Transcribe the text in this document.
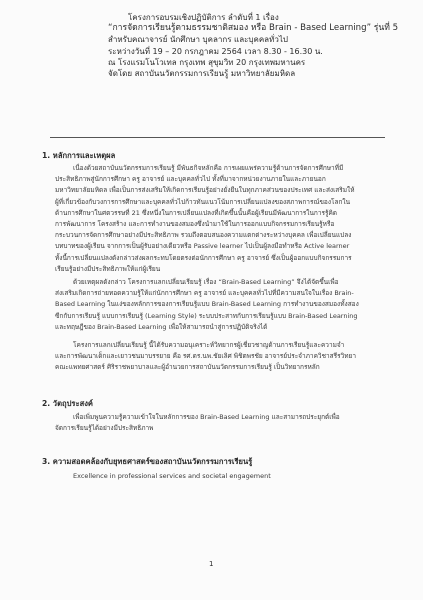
โครงการอบรมเชิงปฏิบัติการ ลำดับที่ 1 เรื่อง
“การจัดการเรียนรู้ตามธรรมชาติสมอง หรือ Brain - Based Learning” รุ่นที่ 5
สำหรับคณาจารย์ นักศึกษา บุคลากร และบุคคลทั่วไป
ระหว่างวันที่ 19 – 20 กรกฎาคม 2564 เวลา 8.30 - 16.30 น.
ณ โรงแรมโนโวเทล กรุงเทพ สุขุมวิท 20 กรุงเทพมหานคร
จัดโดย สถาบันนวัตกรรมการเรียนรู้ มหาวิทยาลัยมหิดล
1. หลักการและเหตุผล
เนื่องด้วยสถาบันนวัตกรรมการเรียนรู้ มีพันธกิจหลักคือ การเผยแพร่ความรู้ด้านการจัดการศึกษาที่มี
ประสิทธิภาพสู่นักการศึกษา ครู อาจารย์ และบุคคลทั่วไป ทั้งที่มาจากหน่วยงานภายในและภายนอก
มหาวิทยาลัยมหิดล เพื่อเป็นการส่งเสริมให้เกิดการเรียนรู้อย่างยั่งยืนในทุกภาคส่วนของประเทศ และส่งเสริมให้
ผู้ที่เกี่ยวข้องกับวงการการศึกษาและบุคคลทั่วไปก้าวทันแนวโน้มการเปลี่ยนแปลงของสภาพการณ์ของโลกใน
ด้านการศึกษาในศตวรรษที่ 21 ซึ่งหนึ่งในการเปลี่ยนแปลงที่เกิดขึ้นนั้นคือผู้เรียนมีพัฒนาการในการรู้คิด
การพัฒนาการ โครงสร้าง และการทำงานของสมองซึ่งนำมาใช้ในการออกแบบกิจกรรมการเรียนรู้หรือ
กระบวนการจัดการศึกษาอย่างมีประสิทธิภาพ รวมถึงตอบสนองความแตกต่างระหว่างบุคคล เพื่อเปลี่ยนแปลง
บทบาทของผู้เรียน จากการเป็นผู้รับอย่างเดียวหรือ Passive learner ไปเป็นผู้ลงมือทำหรือ Active learner
ทั้งนี้การเปลี่ยนแปลงดังกล่าวส่งผลกระทบโดยตรงต่อนักการศึกษา ครู อาจารย์ ซึ่งเป็นผู้ออกแบบกิจกรรมการ
เรียนรู้อย่างมีประสิทธิภาพให้แก่ผู้เรียน
ด้วยเหตุผลดังกล่าว โครงการแลกเปลี่ยนเรียนรู้ เรื่อง “Brain-Based Learning” จึงได้จัดขึ้นเพื่อ
ส่งเสริมเกิดการถ่ายทอดความรู้ให้แก่นักการศึกษา ครู อาจารย์ และบุคคลทั่วไปที่มีความสนใจในเรื่อง Brain-
Based Learning ในแง่ของหลักการของการเรียนรู้แบบ Brain-Based Learning การทำงานของสมองทั้งสอง
ซีกกับการเรียนรู้ แบบการเรียนรู้ (Learning Style) ระบบประสาทกับการเรียนรู้แบบ Brain-Based Learning
และทฤษฎีของ Brain-Based Learning เพื่อให้สามารถนำสู่การปฏิบัติจริงได้
โครงการแลกเปลี่ยนเรียนรู้ นี้ได้รับความอนุเคราะห์วิทยากรผู้เชี่ยวชาญด้านการเรียนรู้และความจำ
และการพัฒนาเด็กและเยาวชนมาบรรยาย คือ รศ.ดร.นพ.ชัยเลิศ พิชิตพรชัย อาจารย์ประจำภาควิชาสรีรวิทยา
คณะแพทยศาสตร์ ศิริราชพยาบาลและผู้อำนวยการสถาบันนวัตกรรมการเรียนรู้ เป็นวิทยากรหลัก
2. วัตถุประสงค์
เพื่อเพิ่มพูนความรู้ความเข้าใจในหลักการของ Brain-Based Learning และสามารถประยุกต์เพื่อ
จัดการเรียนรู้ได้อย่างมีประสิทธิภาพ
3. ความสอดคล้องกับยุทธศาสตร์ของสถาบันนวัตกรรมการเรียนรู้
Excellence in professional services and societal engagement
1
